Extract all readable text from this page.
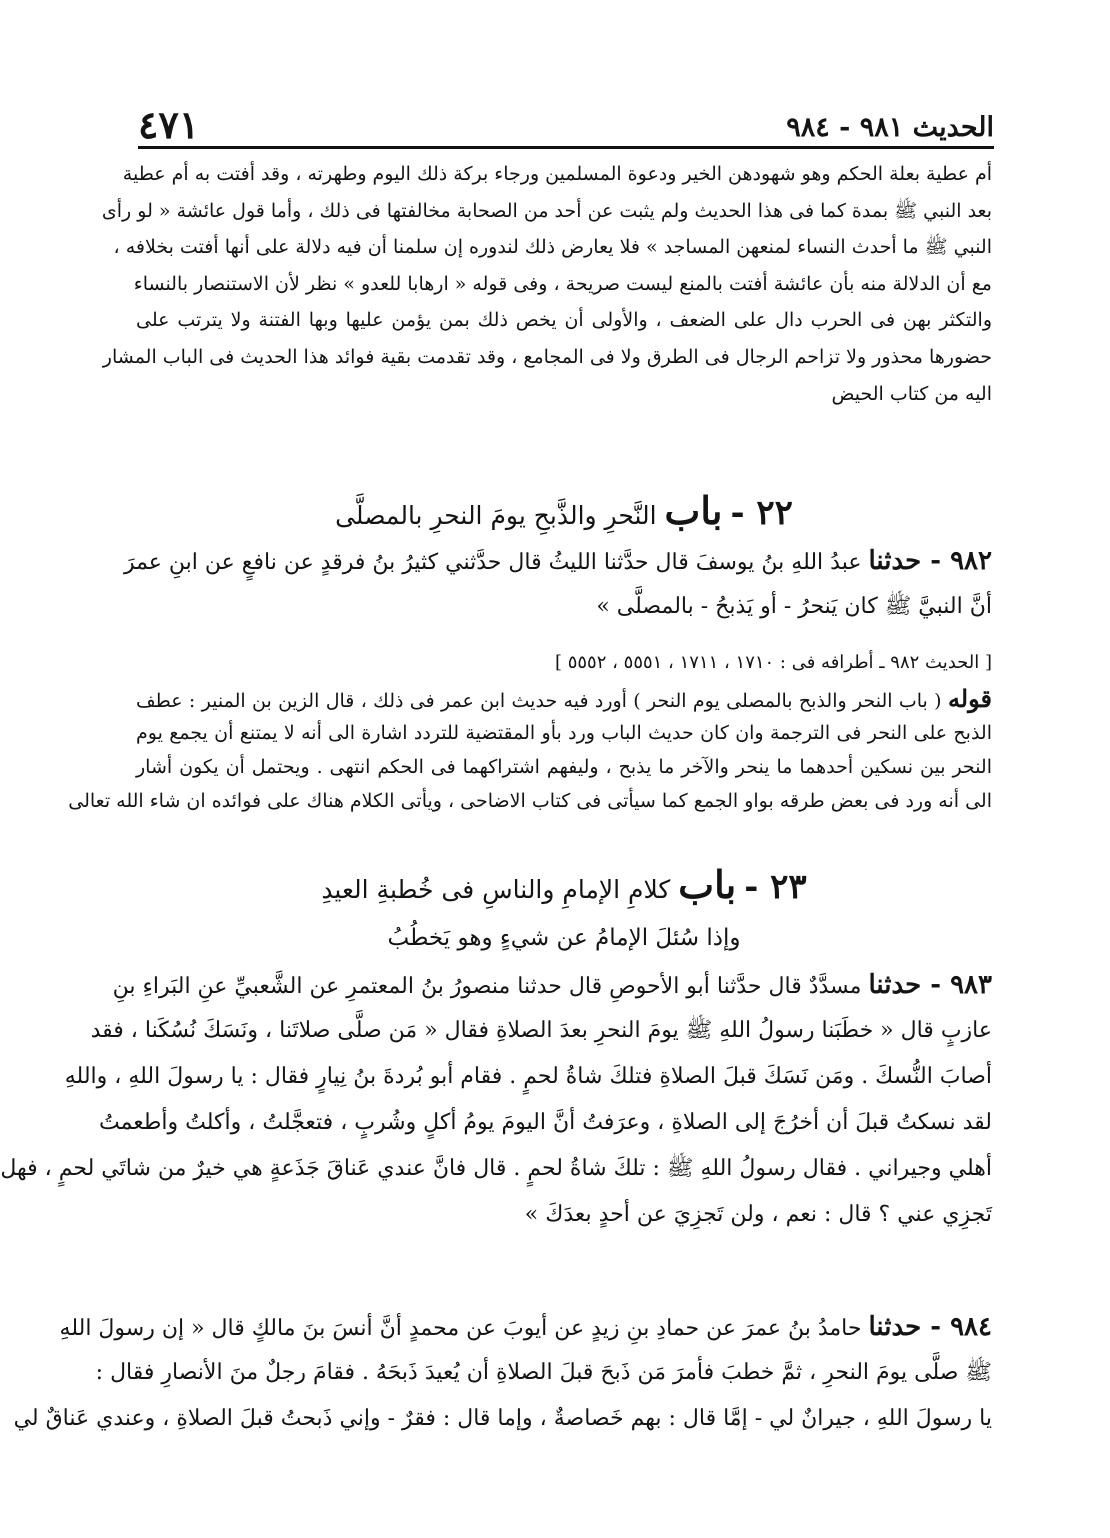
الحديث ٩٨١ - ٩٨٤
٤٧١
أم عطية بعلة الحكم وهو شهودهن الخير ودعوة المسلمين ورجاء بركة ذلك اليوم وطهرته ، وقد أفتت به أم عطية
بعد النبي ﷺ بمدة كما فى هذا الحديث ولم يثبت عن أحد من الصحابة مخالفتها فى ذلك ، وأما قول عائشة « لو رأى
النبي ﷺ ما أحدث النساء لمنعهن المساجد » فلا يعارض ذلك لندوره إن سلمنا أن فيه دلالة على أنها أفتت بخلافه ،
مع أن الدلالة منه بأن عائشة أفتت بالمنع ليست صريحة ، وفى قوله « ارهابا للعدو » نظر لأن الاستنصار بالنساء
والتكثر بهن فى الحرب دال على الضعف ، والأولى أن يخص ذلك بمن يؤمن عليها وبها الفتنة ولا يترتب على
حضورها محذور ولا تزاحم الرجال فى الطرق ولا فى المجامع ، وقد تقدمت بقية فوائد هذا الحديث فى الباب المشار
اليه من كتاب الحيض
٢٢ - باب النَّحرِ والذَّبحِ يومَ النحرِ بالمصلَّى
٩٨٢ - حدثنا عبدُ اللهِ بنُ يوسفَ قال حدَّثنا الليثُ قال حدَّثني كثيرُ بنُ فرقدٍ عن نافعٍ عن ابنِ عمرَ
أنَّ النبيَّ ﷺ كان يَنحرُ - أو يَذبحُ - بالمصلَّى »
[ الحديث ٩٨٢ ـ أطرافه فى : ١٧١٠ ، ١٧١١ ، ٥٥٥١ ، ٥٥٥٢ ]
قوله ( باب النحر والذبح بالمصلى يوم النحر ) أورد فيه حديث ابن عمر فى ذلك ، قال الزين بن المنير : عطف
الذبح على النحر فى الترجمة وان كان حديث الباب ورد بأو المقتضية للتردد اشارة الى أنه لا يمتنع أن يجمع يوم
النحر بين نسكين أحدهما ما ينحر والآخر ما يذبح ، وليفهم اشتراكهما فى الحكم انتهى . ويحتمل أن يكون أشار
الى أنه ورد فى بعض طرقه بواو الجمع كما سيأتى فى كتاب الاضاحى ، ويأتى الكلام هناك على فوائده ان شاء الله تعالى
٢٣ - باب كلامِ الإمامِ والناسِ فى خُطبةِ العيدِ
وإذا سُئلَ الإمامُ عن شيءٍ وهو يَخطُبُ
٩٨٣ - حدثنا مسدَّدٌ قال حدَّثنا أبو الأحوصِ قال حدثنا منصورُ بنُ المعتمرِ عن الشَّعبيِّ عنِ البَراءِ بنِ
عازبٍ قال « خطَبَنا رسولُ اللهِ ﷺ يومَ النحرِ بعدَ الصلاةِ فقال « مَن صلَّى صلاتَنا ، ونَسَكَ نُسُكَنا ، فقد
أصابَ النُّسكَ . ومَن نَسَكَ قبلَ الصلاةِ فتلكَ شاةُ لحمٍ . فقام أبو بُردةَ بنُ نِيارٍ فقال : يا رسولَ اللهِ ، واللهِ
لقد نسكتُ قبلَ أن أخرُجَ إلى الصلاةِ ، وعرَفتُ أنَّ اليومَ يومُ أكلٍ وشُربٍ ، فتعجَّلتُ ، وأكلتُ وأطعمتُ
أهلي وجيراني . فقال رسولُ اللهِ ﷺ : تلكَ شاةُ لحمٍ . قال فانَّ عندي عَناقَ جَذَعةٍ هي خيرٌ من شاتَي لحمٍ ، فهل
تَجزِي عني ؟ قال : نعم ، ولن تَجزِيَ عن أحدٍ بعدَكَ »
٩٨٤ - حدثنا حامدُ بنُ عمرَ عن حمادِ بنِ زيدٍ عن أيوبَ عن محمدٍ أنَّ أنسَ بنَ مالكٍ قال « إن رسولَ اللهِ
ﷺ صلَّى يومَ النحرِ ، ثمَّ خطبَ فأمرَ مَن ذَبحَ قبلَ الصلاةِ أن يُعيدَ ذَبحَهُ . فقامَ رجلٌ منَ الأنصارِ فقال :
يا رسولَ اللهِ ، جيرانٌ لي - إمَّا قال : بهم خَصاصةٌ ، وإما قال : فقرٌ - وإني ذَبحتُ قبلَ الصلاةِ ، وعندي عَناقٌ لي
